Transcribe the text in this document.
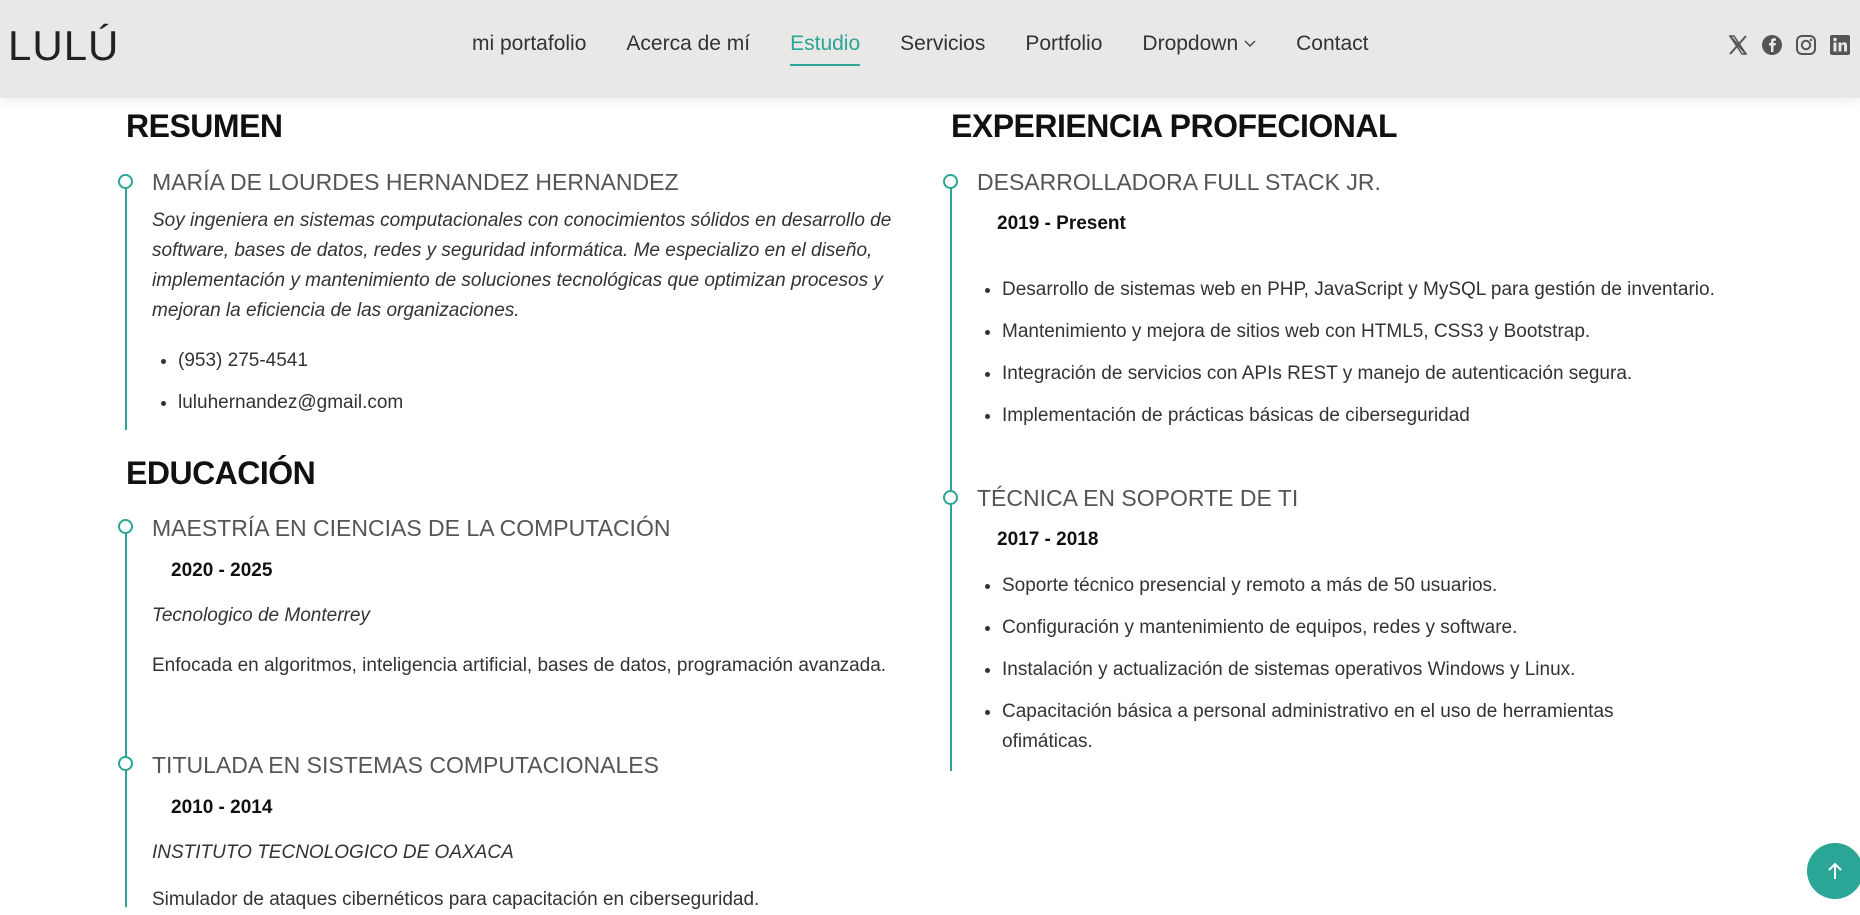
LULÚ	mi portafolio Acerca de mí Estudio Servicios Portfolio Dropdown	Contact
RESUMEN
MARÍA DE LOURDES HERNANDEZ HERNANDEZ
Soy ingeniera en sistemas computacionales con conocimientos sólidos en desarrollo de software, bases de datos, redes y seguridad informática. Me especializo en el diseño, implementación y mantenimiento de soluciones tecnológicas que optimizan procesos y mejoran la eficiencia de las organizaciones.
• (953) 275-4541
• luluhernandez@gmail.com
EDUCACIÓN
MAESTRÍA EN CIENCIAS DE LA COMPUTACIÓN
2020 - 2025
Tecnologico de Monterrey
Enfocada en algoritmos, inteligencia artificial, bases de datos, programación avanzada.
TITULADA EN SISTEMAS COMPUTACIONALES
2010 - 2014
INSTITUTO TECNOLOGICO DE OAXACA
Simulador de ataques cibernéticos para capacitación en ciberseguridad.
EXPERIENCIA PROFECIONAL
DESARROLLADORA FULL STACK JR.
2019 - Present
• Desarrollo de sistemas web en PHP, JavaScript y MySQL para gestión de inventario.
• Mantenimiento y mejora de sitios web con HTML5, CSS3 y Bootstrap.
• Integración de servicios con APIs REST y manejo de autenticación segura.
• Implementación de prácticas básicas de ciberseguridad
TÉCNICA EN SOPORTE DE TI
2017 - 2018
• Soporte técnico presencial y remoto a más de 50 usuarios.
• Configuración y mantenimiento de equipos, redes y software.
• Instalación y actualización de sistemas operativos Windows y Linux.
• Capacitación básica a personal administrativo en el uso de herramientas ofimáticas.
